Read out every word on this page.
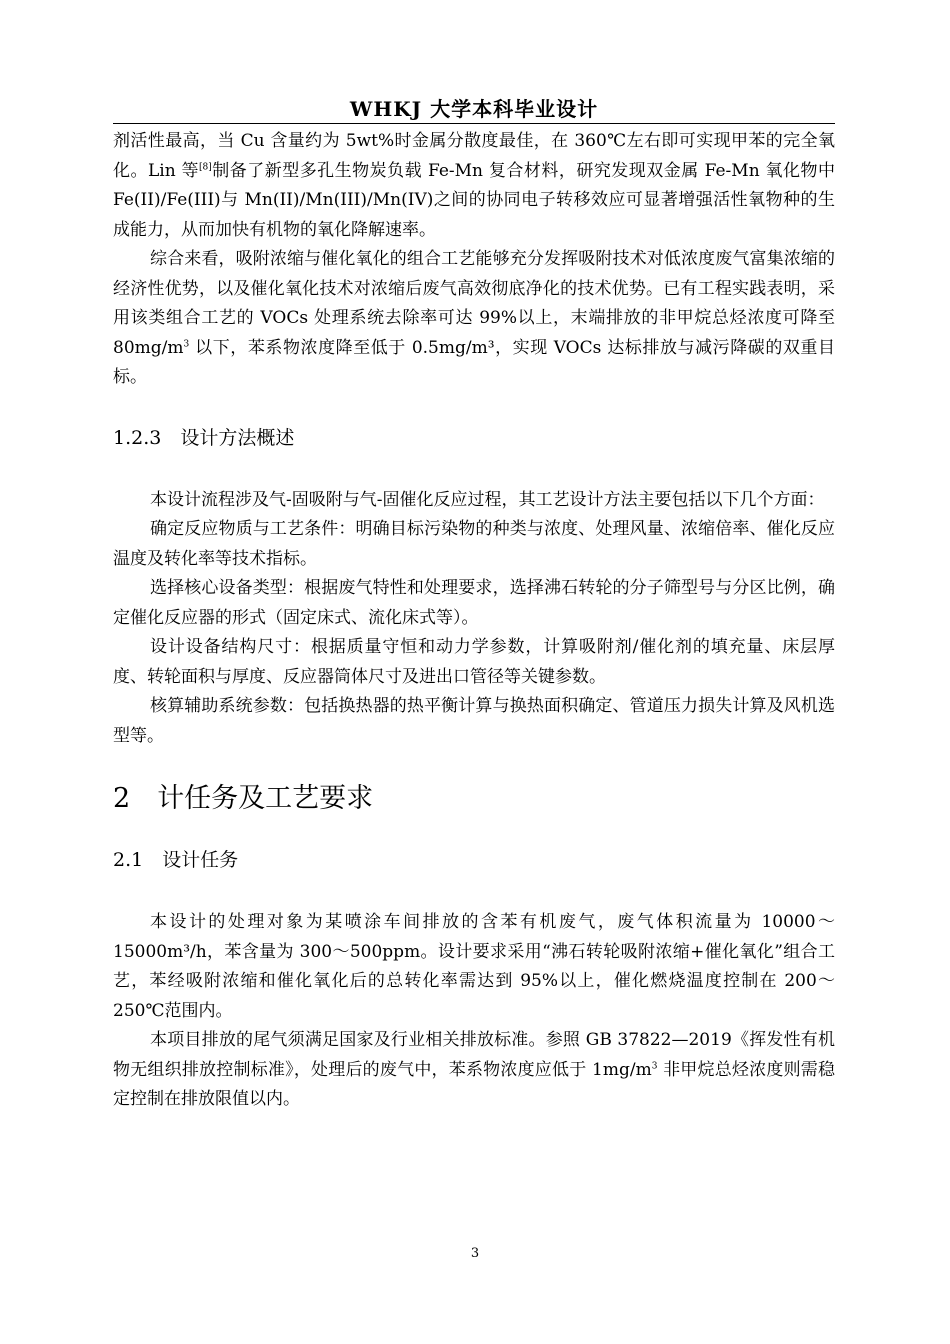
WHKJ 大学本科毕业设计

剂活性最高，当 Cu 含量约为 5wt%时金属分散度最佳，在 360℃左右即可实现甲苯的完全氧化。Lin 等[8]制备了新型多孔生物炭负载 Fe-Mn 复合材料，研究发现双金属 Fe-Mn 氧化物中 Fe(II)/Fe(III)与 Mn(II)/Mn(III)/Mn(IV)之间的协同电子转移效应可显著增强活性氧物种的生成能力，从而加快有机物的氧化降解速率。

综合来看，吸附浓缩与催化氧化的组合工艺能够充分发挥吸附技术对低浓度废气富集浓缩的经济性优势，以及催化氧化技术对浓缩后废气高效彻底净化的技术优势。已有工程实践表明，采用该类组合工艺的 VOCs 处理系统去除率可达 99%以上，末端排放的非甲烷总烃浓度可降至 $80mg/m^3$ 以下，苯系物浓度降至低于 0.5mg/m³，实现 VOCs 达标排放与减污降碳的双重目标。

1.2.3  设计方法概述

本设计流程涉及气-固吸附与气-固催化反应过程，其工艺设计方法主要包括以下几个方面：

确定反应物质与工艺条件：明确目标污染物的种类与浓度、处理风量、浓缩倍率、催化反应温度及转化率等技术指标。

选择核心设备类型：根据废气特性和处理要求，选择沸石转轮的分子筛型号与分区比例，确定催化反应器的形式（固定床式、流化床式等）。

设计设备结构尺寸：根据质量守恒和动力学参数，计算吸附剂/催化剂的填充量、床层厚度、转轮面积与厚度、反应器筒体尺寸及进出口管径等关键参数。

核算辅助系统参数：包括换热器的热平衡计算与换热面积确定、管道压力损失计算及风机选型等。

2  计任务及工艺要求
2.1  设计任务

本设计的处理对象为某喷涂车间排放的含苯有机废气，废气体积流量为 10000～15000m³/h，苯含量为 300～500ppm。设计要求采用“沸石转轮吸附浓缩+催化氧化”组合工艺，苯经吸附浓缩和催化氧化后的总转化率需达到 95%以上，催化燃烧温度控制在 200～250℃范围内。

本项目排放的尾气须满足国家及行业相关排放标准。参照 GB 37822—2019《挥发性有机物无组织排放控制标准》，处理后的废气中，苯系物浓度应低于 $1mg/m^3$ 非甲烷总烃浓度则需稳定控制在排放限值以内。

3
